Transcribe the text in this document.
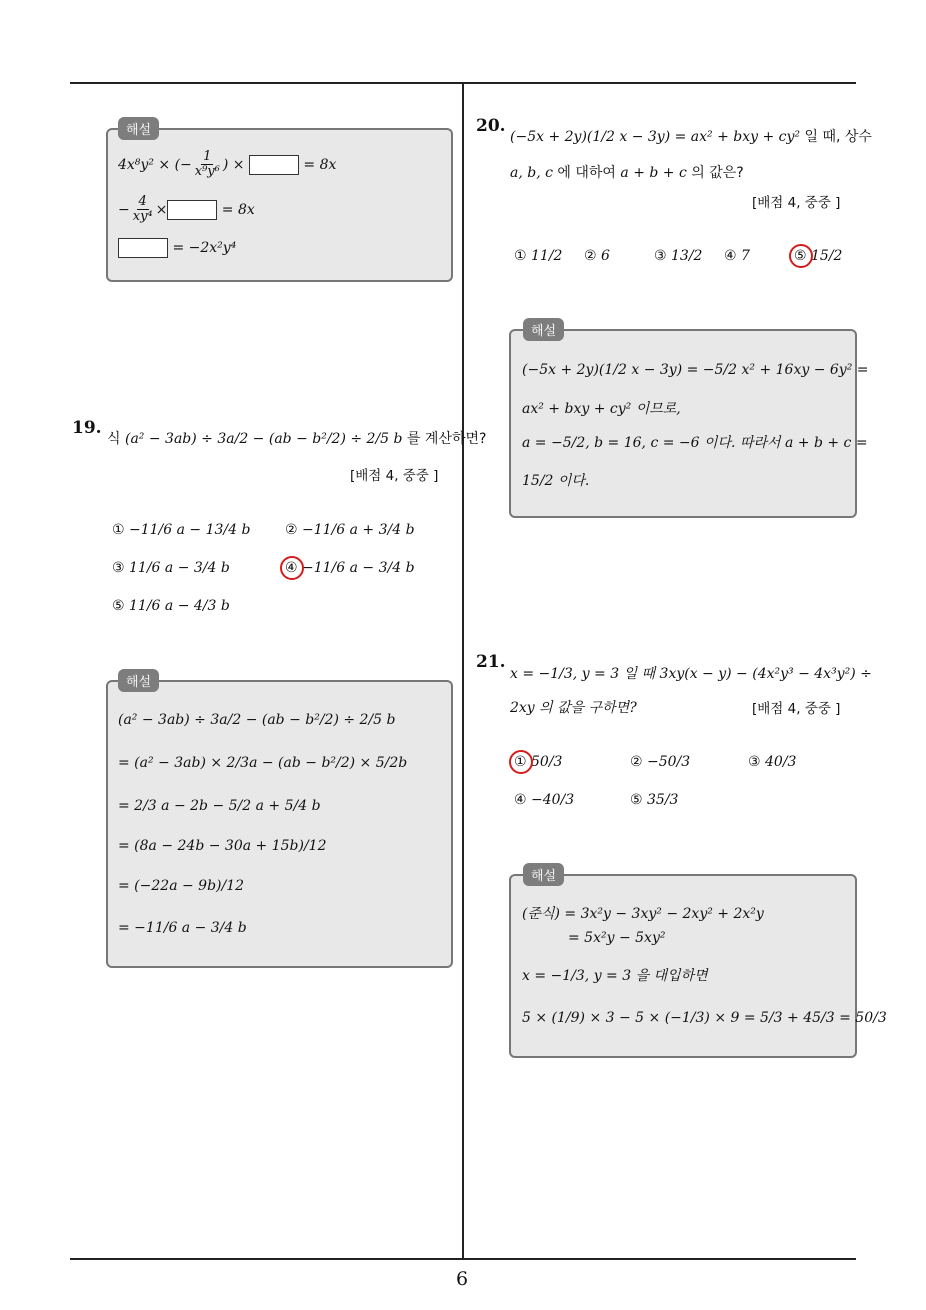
6
해설
4x⁸y² × (− $\frac{1}{\text{x⁹y⁶}}$ ) ×	= 8x
− $\frac{4}{\text{xy⁴}}$ ×	= 8x
= −2x²y⁴
19.
식 (a² − 3ab) ÷ 3a/2 − (ab − b²/2) ÷ 2/5 b 를 계산하면?
[배점 4, 중중 ]
① −11/6 a − 13/4 b ② −11/6 a + 3/4 b
③ 11/6 a − 3/4 b	④ −11/6 a − 3/4 b
⑤ 11/6 a − 4/3 b
해설
(a² − 3ab) ÷ 3a/2 − (ab − b²/2) ÷ 2/5 b
= (a² − 3ab) × 2/3a − (ab − b²/2) × 5/2b
= 2/3 a − 2b − 5/2 a + 5/4 b
= (8a − 24b − 30a + 15b)/12
= (−22a − 9b)/12
= −11/6 a − 3/4 b
20.
(−5x + 2y)(1/2 x − 3y) = ax² + bxy + cy² 일 때, 상수
a, b, c 에 대하여 a + b + c 의 값은?
[배점 4, 중중 ]
① 11/2 ② 6	③ 13/2 ④ 7	⑤ 15/2
해설
(−5x + 2y)(1/2 x − 3y) = −5/2 x² + 16xy − 6y² =
ax² + bxy + cy² 이므로,
a = −5/2, b = 16, c = −6 이다. 따라서 a + b + c =
15/2 이다.
21.
x = −1/3, y = 3 일 때 3xy(x − y) − (4x²y³ − 4x³y²) ÷
2xy 의 값을 구하면?	[배점 4, 중중 ]
① 50/3	② −50/3	③ 40/3
④ −40/3	⑤ 35/3
해설
(준식) = 3x²y − 3xy² − 2xy² + 2x²y
= 5x²y − 5xy²
x = −1/3, y = 3 을 대입하면
5 × (1/9) × 3 − 5 × (−1/3) × 9 = 5/3 + 45/3 = 50/3
